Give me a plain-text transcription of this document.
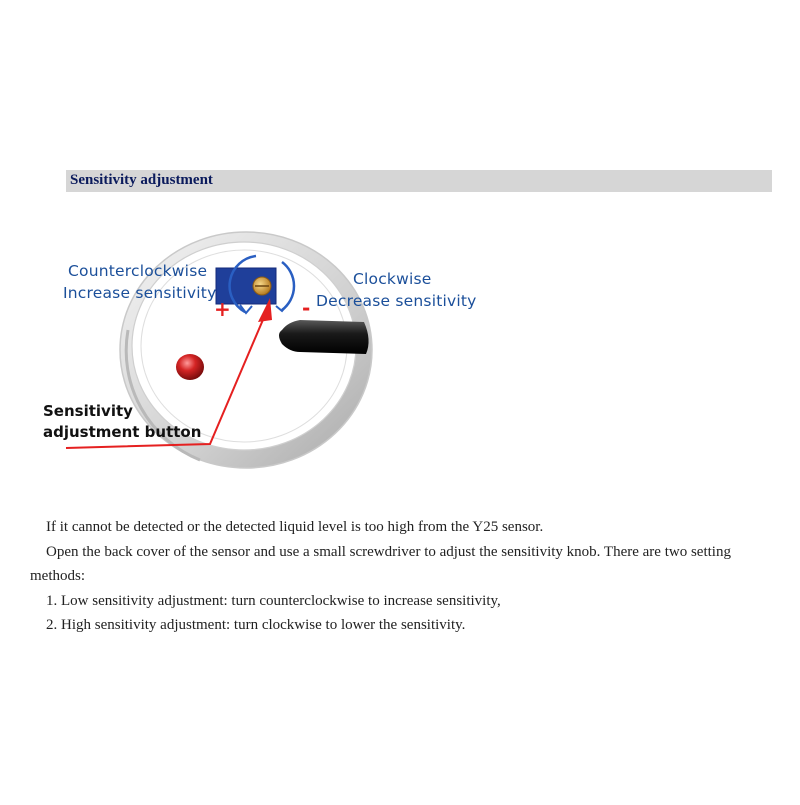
Sensitivity adjustment
Counterclockwise
Increase sensitivity
Clockwise
Decrease sensitivity
+	-
Sensitivity
adjustment button

If it cannot be detected or the detected liquid level is too high from the Y25 sensor.

Open the back cover of the sensor and use a small screwdriver to adjust the sensitivity knob. There are two setting

methods:

1. Low sensitivity adjustment: turn counterclockwise to increase sensitivity,

2. High sensitivity adjustment: turn clockwise to lower the sensitivity.
